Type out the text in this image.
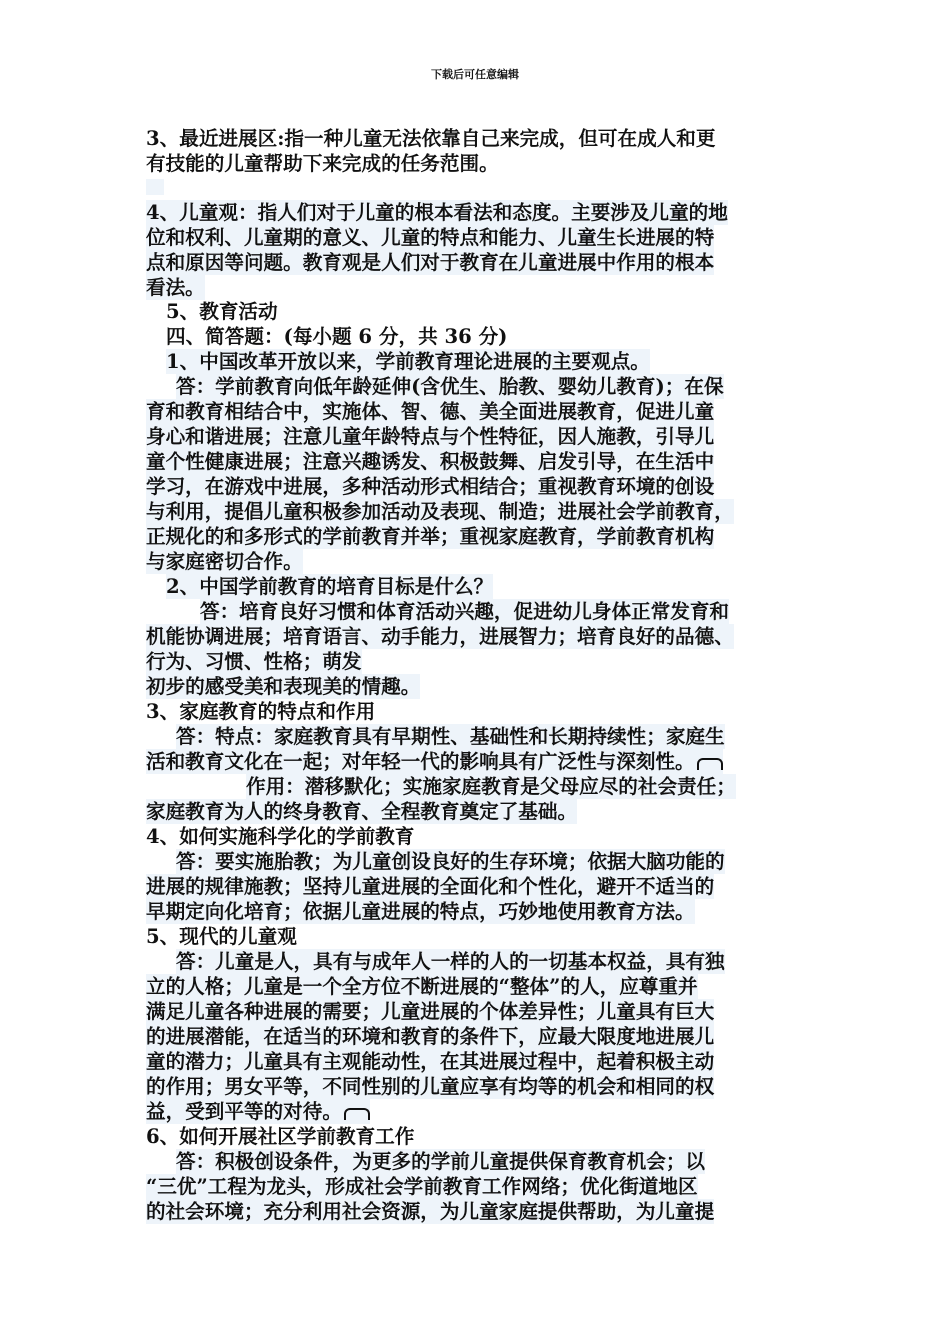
下载后可任意编辑
3、最近进展区:指一种儿童无法依靠自己来完成，但可在成人和更
有技能的儿童帮助下来完成的任务范围。
4、儿童观：指人们对于儿童的根本看法和态度。主要涉及儿童的地
位和权利、儿童期的意义、儿童的特点和能力、儿童生长进展的特
点和原因等问题。教育观是人们对于教育在儿童进展中作用的根本
看法。
5、教育活动
四、简答题：(每小题 6 分，共 36 分)
1、中国改革开放以来，学前教育理论进展的主要观点。
答：学前教育向低年龄延伸(含优生、胎教、婴幼儿教育)；在保
育和教育相结合中，实施体、智、德、美全面进展教育，促进儿童
身心和谐进展；注意儿童年龄特点与个性特征，因人施教，引导儿
童个性健康进展；注意兴趣诱发、积极鼓舞、启发引导，在生活中
学习，在游戏中进展，多种活动形式相结合；重视教育环境的创设
与利用，提倡儿童积极参加活动及表现、制造；进展社会学前教育，
正规化的和多形式的学前教育并举；重视家庭教育，学前教育机构
与家庭密切合作。
2、中国学前教育的培育目标是什么？
答：培育良好习惯和体育活动兴趣，促进幼儿身体正常发育和
机能协调进展；培育语言、动手能力，进展智力；培育良好的品德、
行为、习惯、性格；萌发
初步的感受美和表现美的情趣。
3、家庭教育的特点和作用
答：特点：家庭教育具有早期性、基础性和长期持续性；家庭生
活和教育文化在一起；对年轻一代的影响具有广泛性与深刻性。
作用：潜移默化；实施家庭教育是父母应尽的社会责任；
家庭教育为人的终身教育、全程教育奠定了基础。
4、如何实施科学化的学前教育
答：要实施胎教；为儿童创设良好的生存环境；依据大脑功能的
进展的规律施教；坚持儿童进展的全面化和个性化，避开不适当的
早期定向化培育；依据儿童进展的特点，巧妙地使用教育方法。
5、现代的儿童观
答：儿童是人，具有与成年人一样的人的一切基本权益，具有独
立的人格；儿童是一个全方位不断进展的“整体”的人，应尊重并
满足儿童各种进展的需要；儿童进展的个体差异性；儿童具有巨大
的进展潜能，在适当的环境和教育的条件下，应最大限度地进展儿
童的潜力；儿童具有主观能动性，在其进展过程中，起着积极主动
的作用；男女平等，不同性别的儿童应享有均等的机会和相同的权
益，受到平等的对待。
6、如何开展社区学前教育工作
答：积极创设条件，为更多的学前儿童提供保育教育机会；以
“三优”工程为龙头，形成社会学前教育工作网络；优化街道地区
的社会环境；充分利用社会资源，为儿童家庭提供帮助，为儿童提
